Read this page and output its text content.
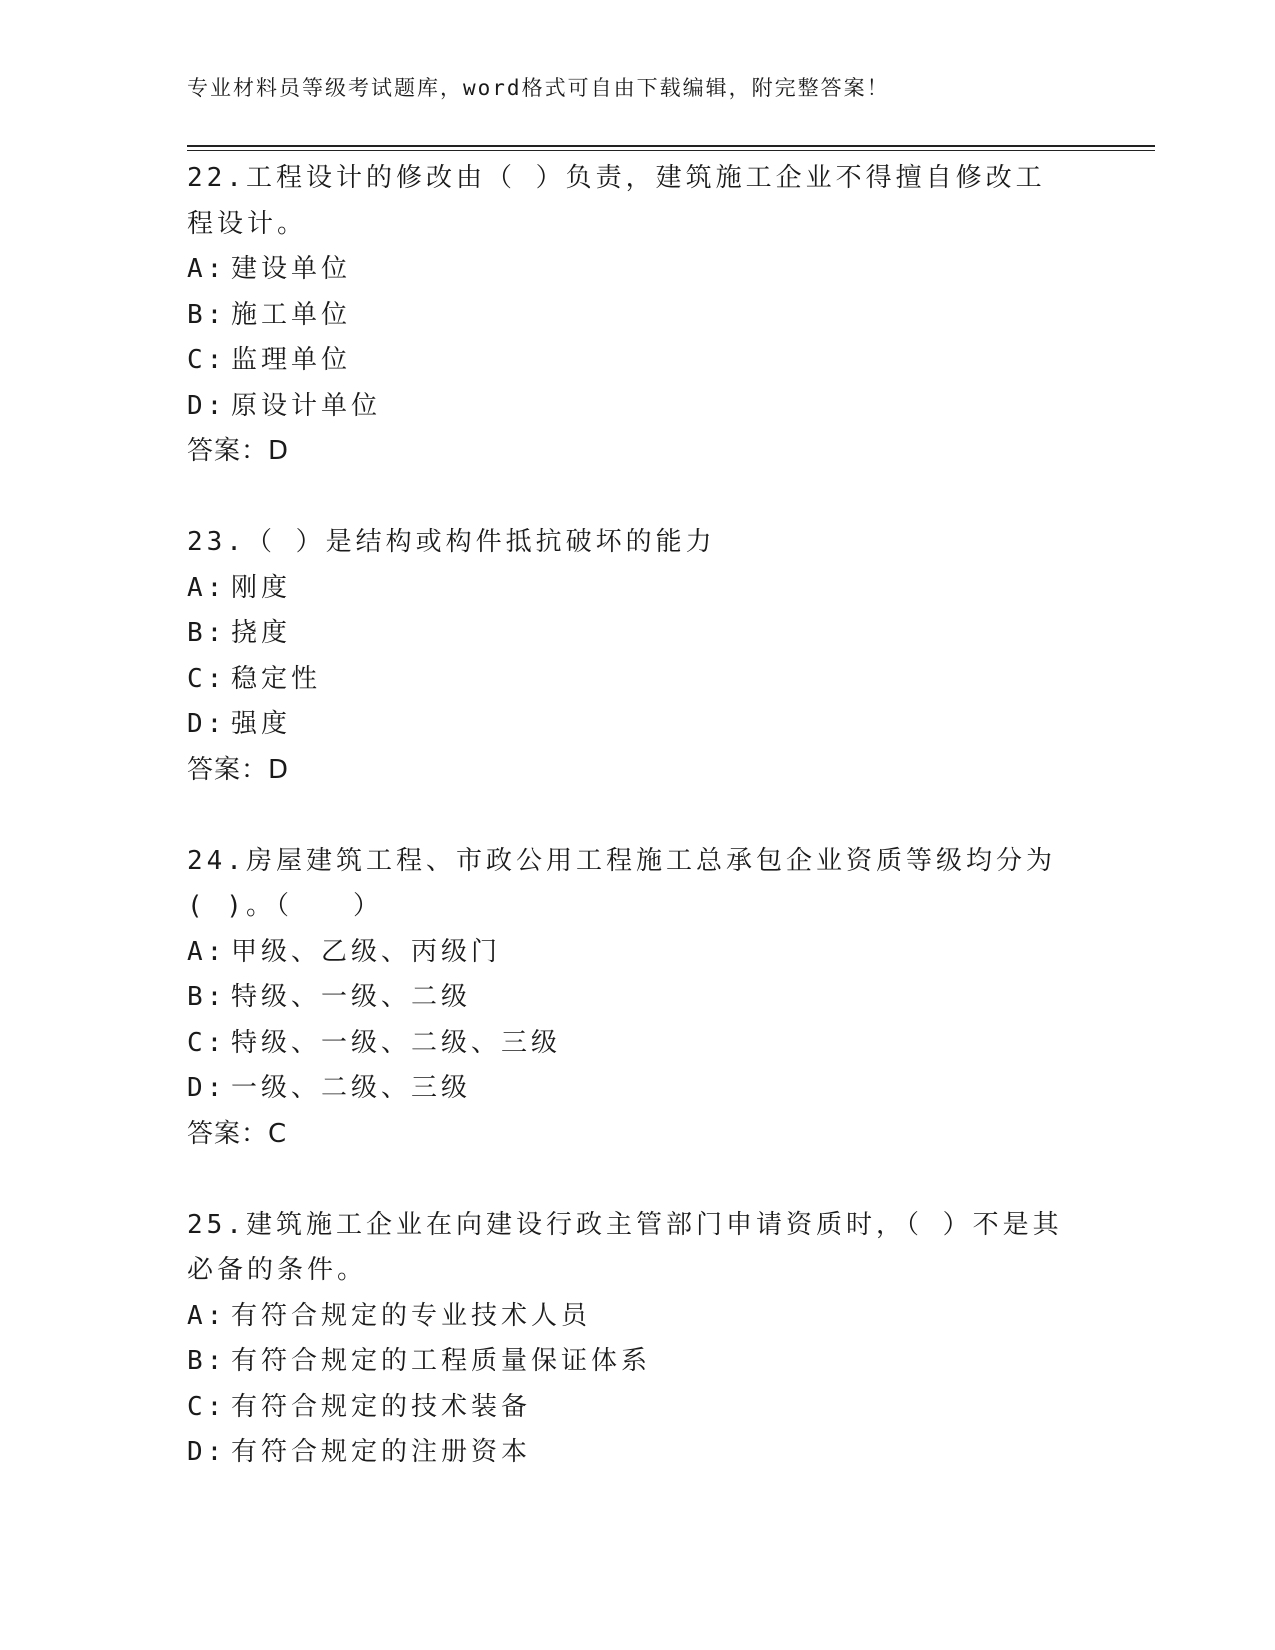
专业材料员等级考试题库，word格式可自由下载编辑，附完整答案！
22.工程设计的修改由（ ）负责，建筑施工企业不得擅自修改工程设计。
A: 建设单位
B: 施工单位
C: 监理单位
D: 原设计单位
答案：D
23.（ ）是结构或构件抵抗破坏的能力
A: 刚度
B: 挠度
C: 稳定性
D: 强度
答案：D
24.房屋建筑工程、市政公用工程施工总承包企业资质等级均分为( )。（　　）
A: 甲级、乙级、丙级门
B: 特级、一级、二级
C: 特级、一级、二级、三级
D: 一级、二级、三级
答案：C
25.建筑施工企业在向建设行政主管部门申请资质时，（ ）不是其必备的条件。
A: 有符合规定的专业技术人员
B: 有符合规定的工程质量保证体系
C: 有符合规定的技术装备
D: 有符合规定的注册资本
